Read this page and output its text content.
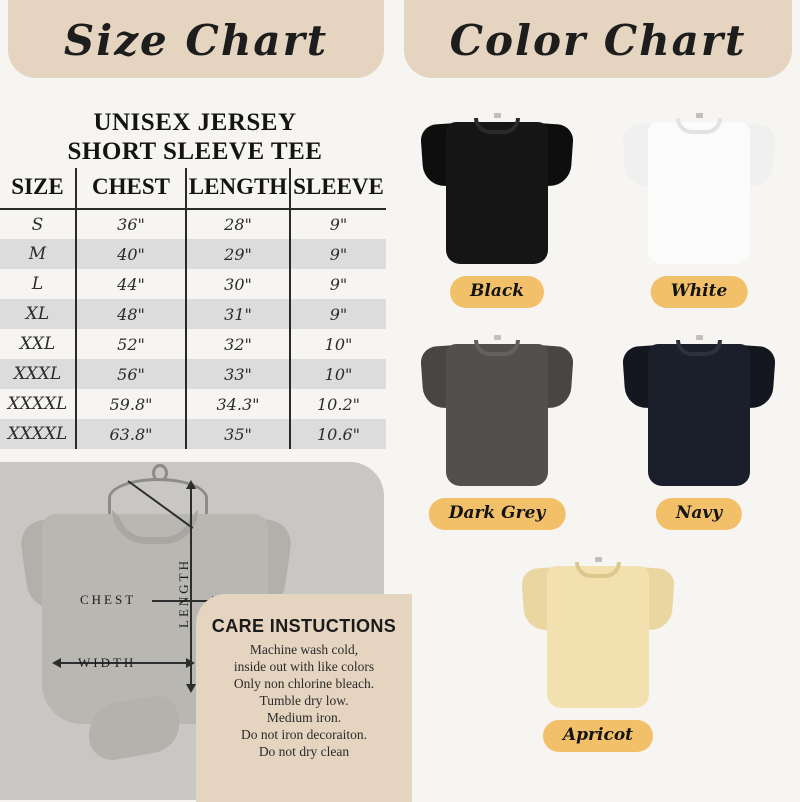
Size Chart	Color Chart
UNISEX JERSEY
SHORT SLEEVE TEE
SIZE	CHEST	LENGTH	SLEEVE
S	36"	28"	9"
M	40"	29"	9"
L	44"	30"	9"
XL	48"	31"	9"
XXL	52"	32"	10"
XXXL	56"	33"	10"
XXXXL	59.8"	34.3"	10.2"
XXXXL	63.8"	35"	10.6"
CHEST
WIDTH
LENGTH CARE INSTUCTIONS
Machine wash cold,
inside out with like colors
Only non chlorine bleach.
Tumble dry low.
Medium iron.
Do not iron decoraiton.
Do not dry clean
Black	White
Dark Grey	Navy
Apricot
